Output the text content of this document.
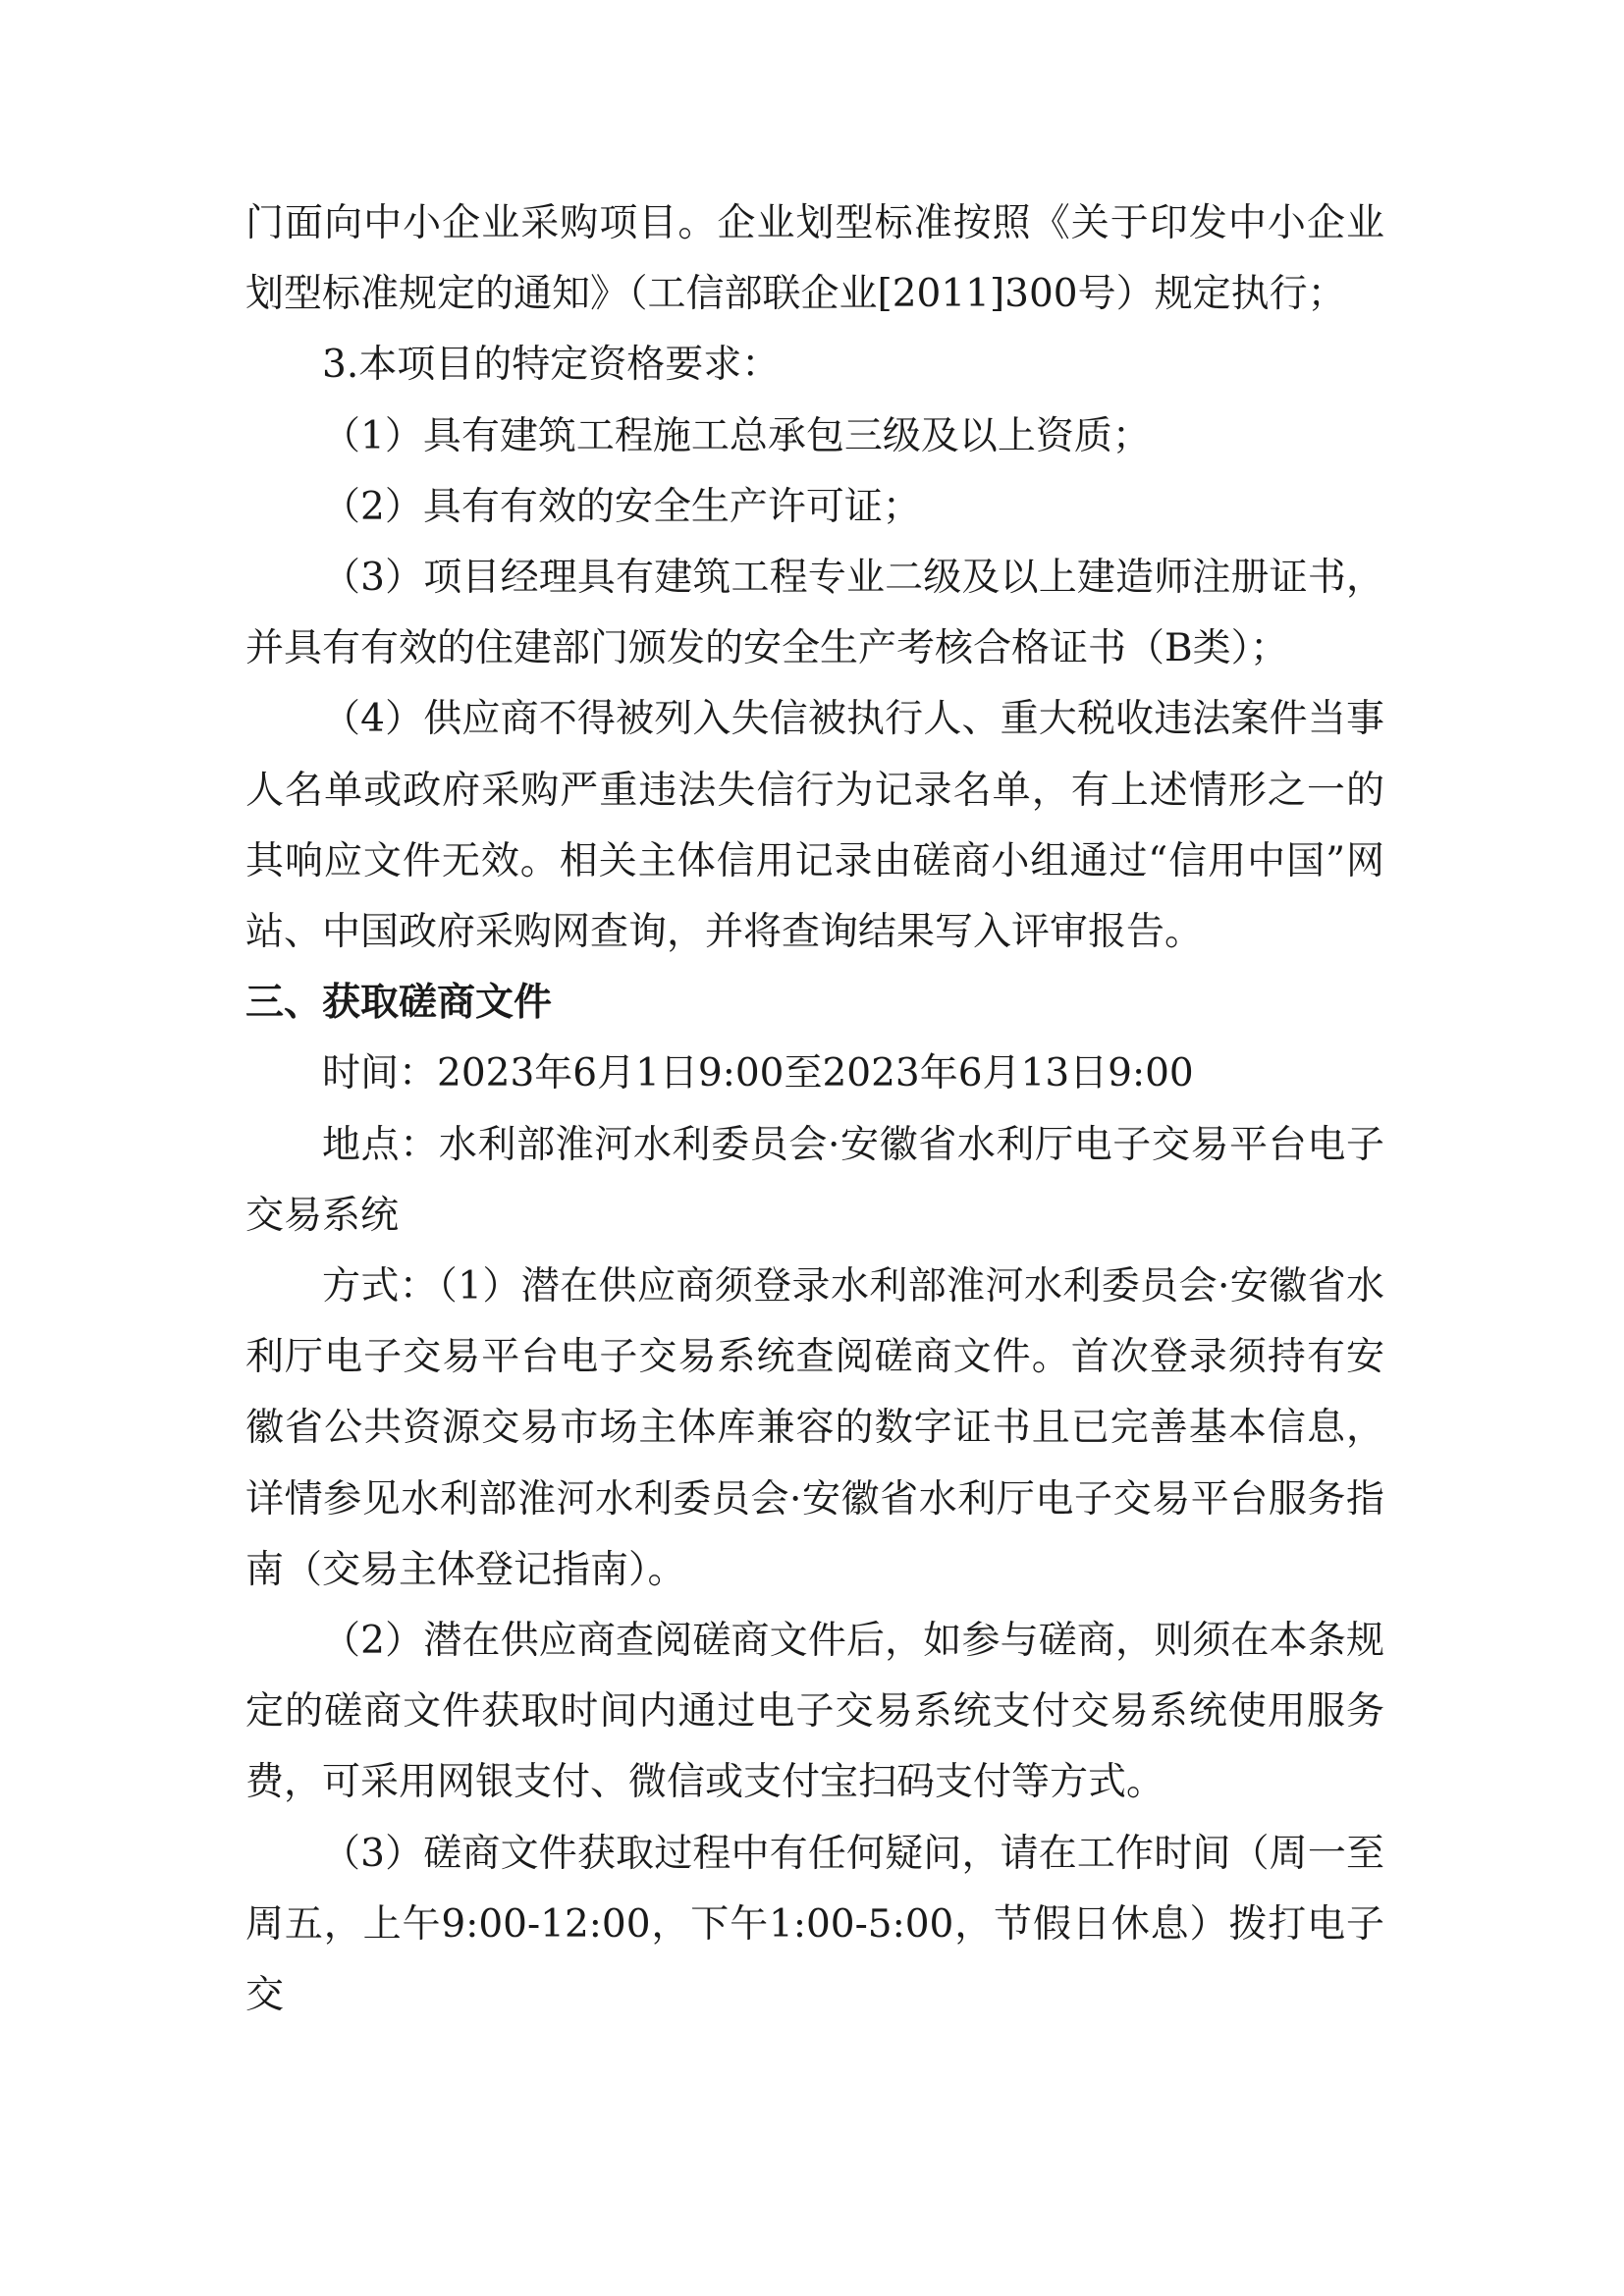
门面向中小企业采购项目。企业划型标准按照《关于印发中小企业划型标准规定的通知》（工信部联企业[2011]300号）规定执行；

3.本项目的特定资格要求：

（1）具有建筑工程施工总承包三级及以上资质；

（2）具有有效的安全生产许可证；

（3）项目经理具有建筑工程专业二级及以上建造师注册证书，并具有有效的住建部门颁发的安全生产考核合格证书（B类）；

（4）供应商不得被列入失信被执行人、重大税收违法案件当事人名单或政府采购严重违法失信行为记录名单，有上述情形之一的其响应文件无效。相关主体信用记录由磋商小组通过“信用中国”网站、中国政府采购网查询，并将查询结果写入评审报告。

三、获取磋商文件

时间：2023年6月1日9:00至2023年6月13日9:00

地点：水利部淮河水利委员会·安徽省水利厅电子交易平台电子交易系统

方式：（1）潜在供应商须登录水利部淮河水利委员会·安徽省水利厅电子交易平台电子交易系统查阅磋商文件。首次登录须持有安徽省公共资源交易市场主体库兼容的数字证书且已完善基本信息，详情参见水利部淮河水利委员会·安徽省水利厅电子交易平台服务指南（交易主体登记指南）。

（2）潜在供应商查阅磋商文件后，如参与磋商，则须在本条规定的磋商文件获取时间内通过电子交易系统支付交易系统使用服务费，可采用网银支付、微信或支付宝扫码支付等方式。

（3）磋商文件获取过程中有任何疑问，请在工作时间（周一至周五，上午9:00-12:00，下午1:00-5:00，节假日休息）拨打电子交
